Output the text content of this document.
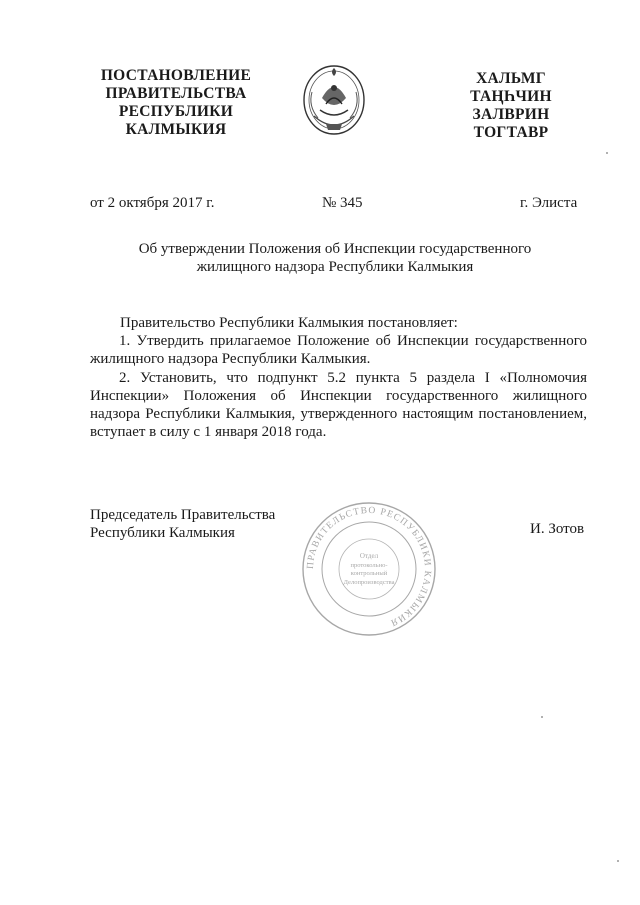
ПОСТАНОВЛЕНИЕ
ПРАВИТЕЛЬСТВА
РЕСПУБЛИКИ
КАЛМЫКИЯ
ХАЛЬМГ
ТАҢҺЧИН
ЗАЛВРИН
ТОГТАВР
от 2 октября 2017 г.	№ 345	г. Элиста
Об утверждении Положения об Инспекции государственного
жилищного надзора Республики Калмыкия

Правительство Республики Калмыкия постановляет:

1. Утвердить прилагаемое Положение об Инспекции государственного жилищного надзора Республики Калмыкия.

2. Установить, что подпункт 5.2 пункта 5 раздела I «Полномочия Инспекции» Положения об Инспекции государственного жилищного надзора Республики Калмыкия, утвержденного настоящим постановлением, вступает в силу с 1 января 2018 года.

Председатель Правительства
Республики Калмыкия
ПРАВИТЕЛЬСТВО РЕСПУБЛИКИ КАЛМЫКИЯ
Отдел
протокольно-
контрольный
Делопроизводства
И. Зотов
